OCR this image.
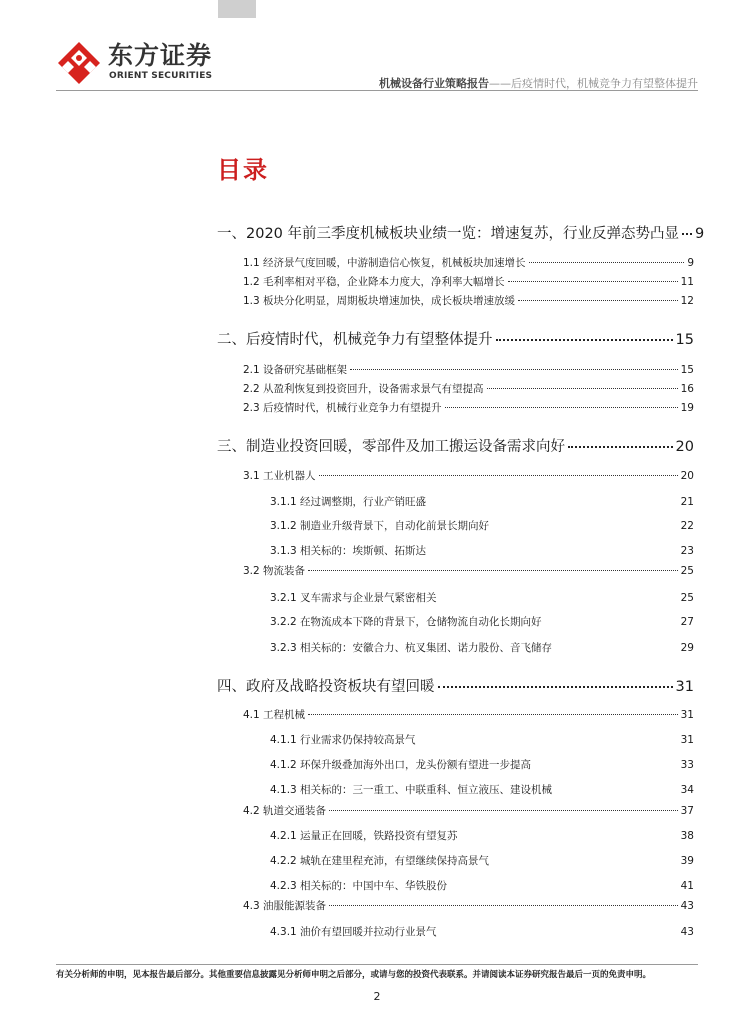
东方证券
ORIENT SECURITIES
机械设备行业策略报告——后疫情时代，机械竞争力有望整体提升
目录
一、2020 年前三季度机械板块业绩一览：增速复苏，行业反弹态势凸显 9
1.1 经济景气度回暖，中游制造信心恢复，机械板块加速增长	9
1.2 毛利率相对平稳，企业降本力度大，净利率大幅增长	11
1.3 板块分化明显，周期板块增速加快，成长板块增速放缓	12
二、后疫情时代，机械竞争力有望整体提升	15
2.1 设备研究基础框架	15
2.2 从盈利恢复到投资回升，设备需求景气有望提高	16
2.3 后疫情时代，机械行业竞争力有望提升	19
三、制造业投资回暖，零部件及加工搬运设备需求向好	20
3.1 工业机器人	20
3.1.1 经过调整期，行业产销旺盛	21
3.1.2 制造业升级背景下，自动化前景长期向好	22
3.1.3 相关标的：埃斯顿、拓斯达	23
3.2 物流装备	25
3.2.1 叉车需求与企业景气紧密相关	25
3.2.2 在物流成本下降的背景下，仓储物流自动化长期向好	27
3.2.3 相关标的：安徽合力、杭叉集团、诺力股份、音飞储存	29
四、政府及战略投资板块有望回暖	31
4.1 工程机械	31
4.1.1 行业需求仍保持较高景气	31
4.1.2 环保升级叠加海外出口，龙头份额有望进一步提高	33
4.1.3 相关标的：三一重工、中联重科、恒立液压、建设机械	34
4.2 轨道交通装备	37
4.2.1 运量正在回暖，铁路投资有望复苏	38
4.2.2 城轨在建里程充沛，有望继续保持高景气	39
4.2.3 相关标的：中国中车、华铁股份	41
4.3 油服能源装备	43
4.3.1 油价有望回暖并拉动行业景气	43
有关分析师的申明，见本报告最后部分。其他重要信息披露见分析师申明之后部分，或请与您的投资代表联系。并请阅读本证券研究报告最后一页的免责申明。
2
